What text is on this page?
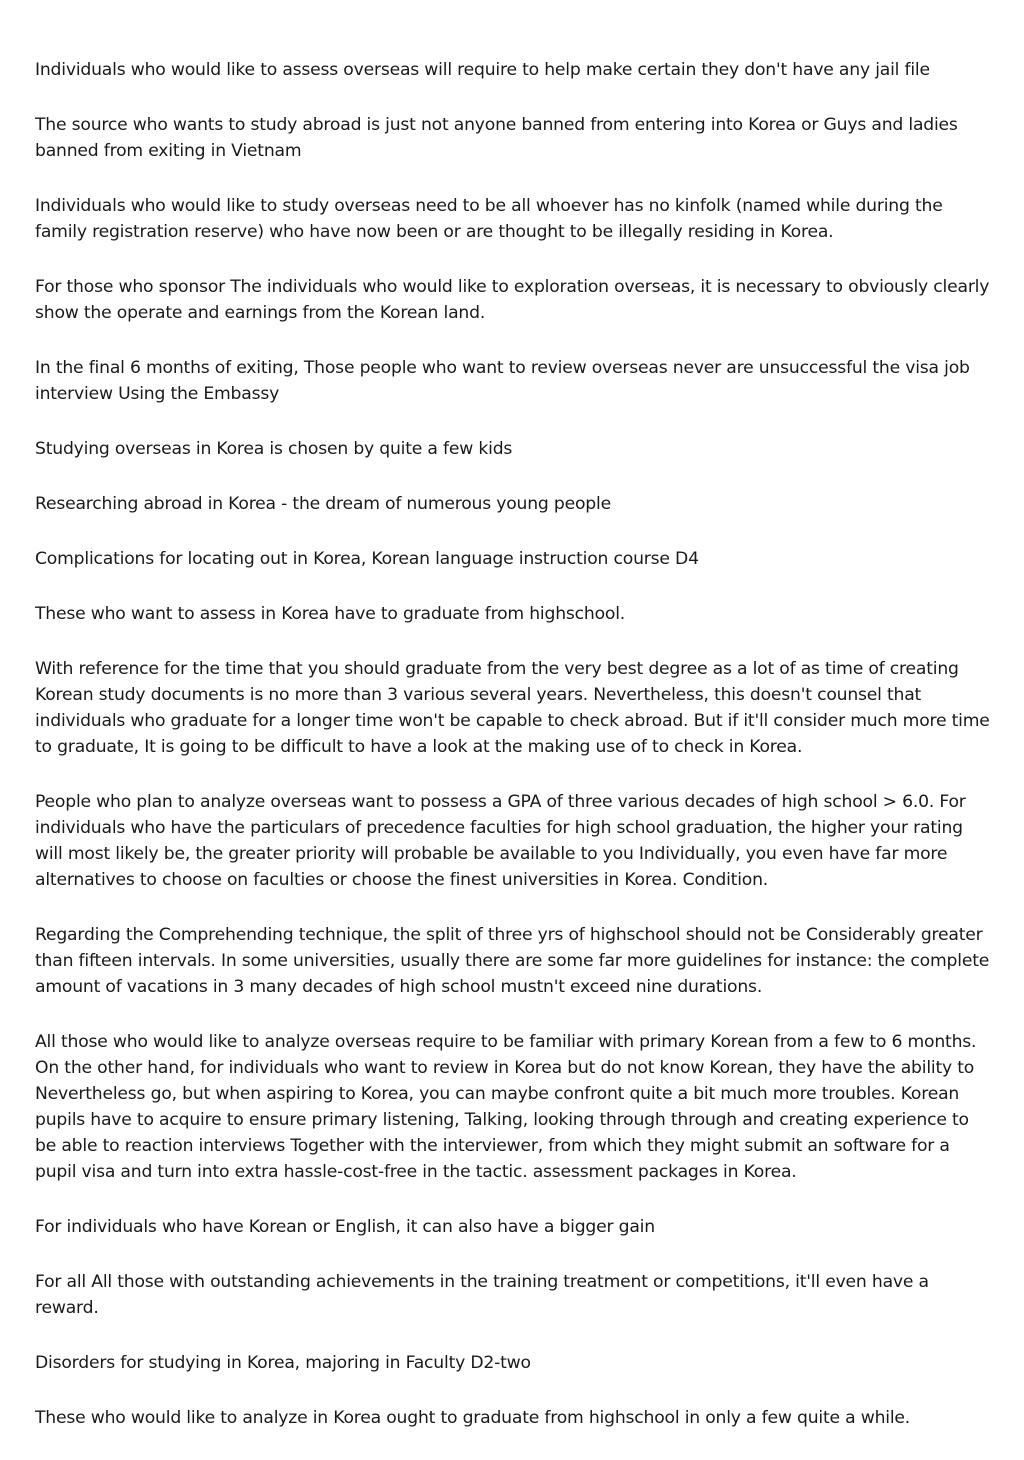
Individuals who would like to assess overseas will require to help make certain they don't have any jail file

The source who wants to study abroad is just not anyone banned from entering into Korea or Guys and ladies banned from exiting in Vietnam

Individuals who would like to study overseas need to be all whoever has no kinfolk (named while during the family registration reserve) who have now been or are thought to be illegally residing in Korea.

For those who sponsor The individuals who would like to exploration overseas, it is necessary to obviously clearly show the operate and earnings from the Korean land.

In the final 6 months of exiting, Those people who want to review overseas never are unsuccessful the visa job interview Using the Embassy

Studying overseas in Korea is chosen by quite a few kids

Researching abroad in Korea - the dream of numerous young people

Complications for locating out in Korea, Korean language instruction course D4

These who want to assess in Korea have to graduate from highschool.

With reference for the time that you should graduate from the very best degree as a lot of as time of creating Korean study documents is no more than 3 various several years. Nevertheless, this doesn't counsel that individuals who graduate for a longer time won't be capable to check abroad. But if it'll consider much more time to graduate, It is going to be difficult to have a look at the making use of to check in Korea.

People who plan to analyze overseas want to possess a GPA of three various decades of high school > 6.0. For individuals who have the particulars of precedence faculties for high school graduation, the higher your rating will most likely be, the greater priority will probable be available to you Individually, you even have far more alternatives to choose on faculties or choose the finest universities in Korea. Condition.

Regarding the Comprehending technique, the split of three yrs of highschool should not be Considerably greater than fifteen intervals. In some universities, usually there are some far more guidelines for instance: the complete amount of vacations in 3 many decades of high school mustn't exceed nine durations.

All those who would like to analyze overseas require to be familiar with primary Korean from a few to 6 months. On the other hand, for individuals who want to review in Korea but do not know Korean, they have the ability to Nevertheless go, but when aspiring to Korea, you can maybe confront quite a bit much more troubles. Korean pupils have to acquire to ensure primary listening, Talking, looking through through and creating experience to be able to reaction interviews Together with the interviewer, from which they might submit an software for a pupil visa and turn into extra hassle-cost-free in the tactic. assessment packages in Korea.

For individuals who have Korean or English, it can also have a bigger gain

For all All those with outstanding achievements in the training treatment or competitions, it'll even have a reward.

Disorders for studying in Korea, majoring in Faculty D2-two

These who would like to analyze in Korea ought to graduate from highschool in only a few quite a while.
